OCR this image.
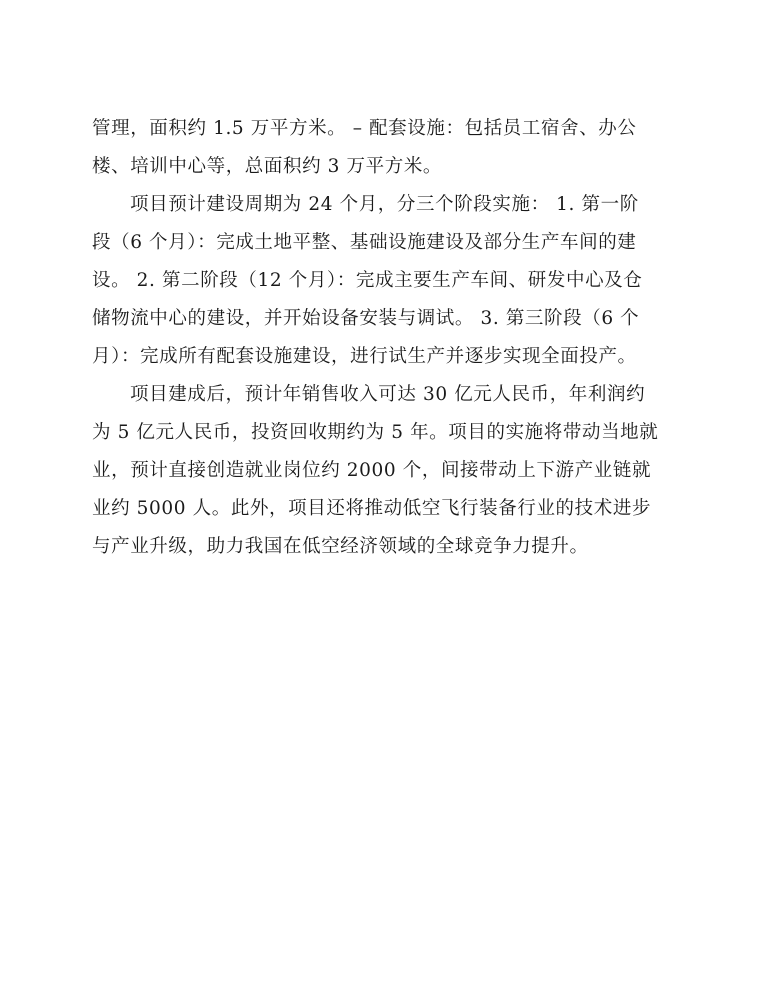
管理，面积约 1.5 万平方米。 – 配套设施：包括员工宿舍、办公
楼、培训中心等，总面积约 3 万平方米。
项目预计建设周期为 24 个月，分三个阶段实施： 1. 第一阶
段（6 个月）：完成土地平整、基础设施建设及部分生产车间的建
设。 2. 第二阶段（12 个月）：完成主要生产车间、研发中心及仓
储物流中心的建设，并开始设备安装与调试。 3. 第三阶段（6 个
月）：完成所有配套设施建设，进行试生产并逐步实现全面投产。
项目建成后，预计年销售收入可达 30 亿元人民币，年利润约
为 5 亿元人民币，投资回收期约为 5 年。项目的实施将带动当地就
业，预计直接创造就业岗位约 2000 个，间接带动上下游产业链就
业约 5000 人。此外，项目还将推动低空飞行装备行业的技术进步
与产业升级，助力我国在低空经济领域的全球竞争力提升。
